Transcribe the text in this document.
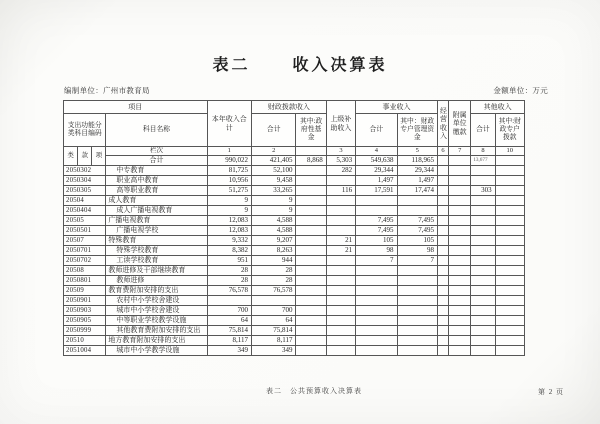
表二	收入决算表
编制单位：广州市教育局	金额单位：万元
项目				本年收入合计	财政拨款收入		上级补助收入	事业收入		经营收入	附属单位缴款	其他收入	
支出功能分类科目编码			科目名称		合计	其中:政府性基金		合计	其中：财政专户管理资金			合计	其中:财政专户拨款
类	款	项	栏次	1	2		3	4	5	6	7	8	10
			合计	990,022	421,405	8,868	5,303	549,638	118,965			13,677	
2050302			中专教育	81,725	52,100		282	29,344	29,344				
2050304			职业高中教育	10,956	9,458			1,497	1,497				
2050305			高等职业教育	51,275	33,265		116	17,591	17,474			303	
20504			成人教育	9	9								
2050404			成人广播电视教育	9	9								
20505			广播电视教育	12,083	4,588			7,495	7,495				
2050501			广播电视学校	12,083	4,588			7,495	7,495				
20507			特殊教育	9,332	9,207		21	105	105				
2050701			特殊学校教育	8,382	8,263		21	98	98				
2050702			工读学校教育	951	944			7	7				
20508			教师进修及干部继续教育	28	28								
2050801			教师进修	28	28								
20509			教育费附加安排的支出	76,578	76,578								
2050901			农村中小学校舍建设										
2050903			城市中小学校舍建设	700	700								
2050905			中等职业学校教学设施	64	64								
2050999			其他教育费附加安排的支出	75,814	75,814								
20510			地方教育附加安排的支出	8,117	8,117								
2051004			城市中小学教学设施	349	349								
表二　公共预算收入决算表	第 2 页
